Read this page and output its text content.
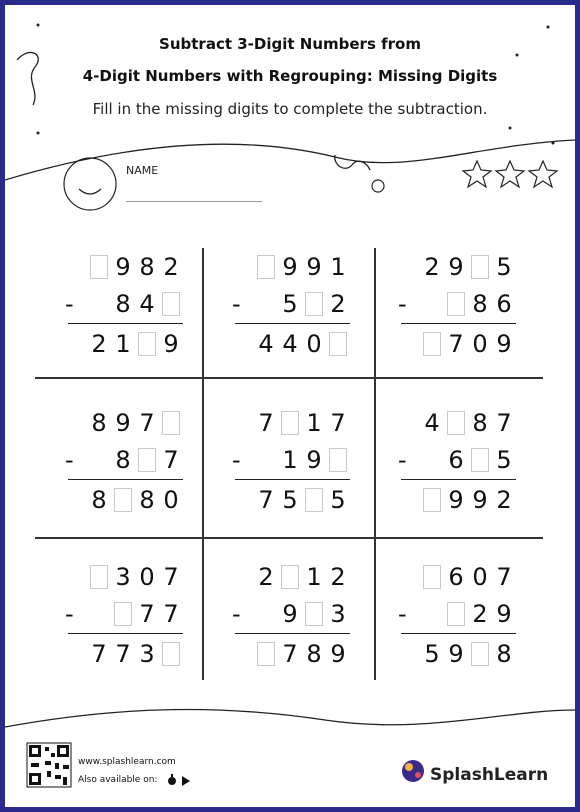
Subtract 3-Digit Numbers from
4-Digit Numbers with Regrouping: Missing Digits
Fill in the missing digits to complete the subtraction.
NAME
9 8 2
8 4
-
2 1 9
9 9 1
5 2
-
4 4 0
2 9 5
8 6
-
7 0 9
8 9 7
8 7
-
8 8 0
7 1 7
1 9
-
7 5 5
4 8 7
6 5
-
9 9 2
3 0 7
7 7
-
7 7 3
2 1 2
9 3
-
7 8 9
6 0 7
2 9
-
5 9 8
www.splashlearn.com
Also available on:	SplashLearn
